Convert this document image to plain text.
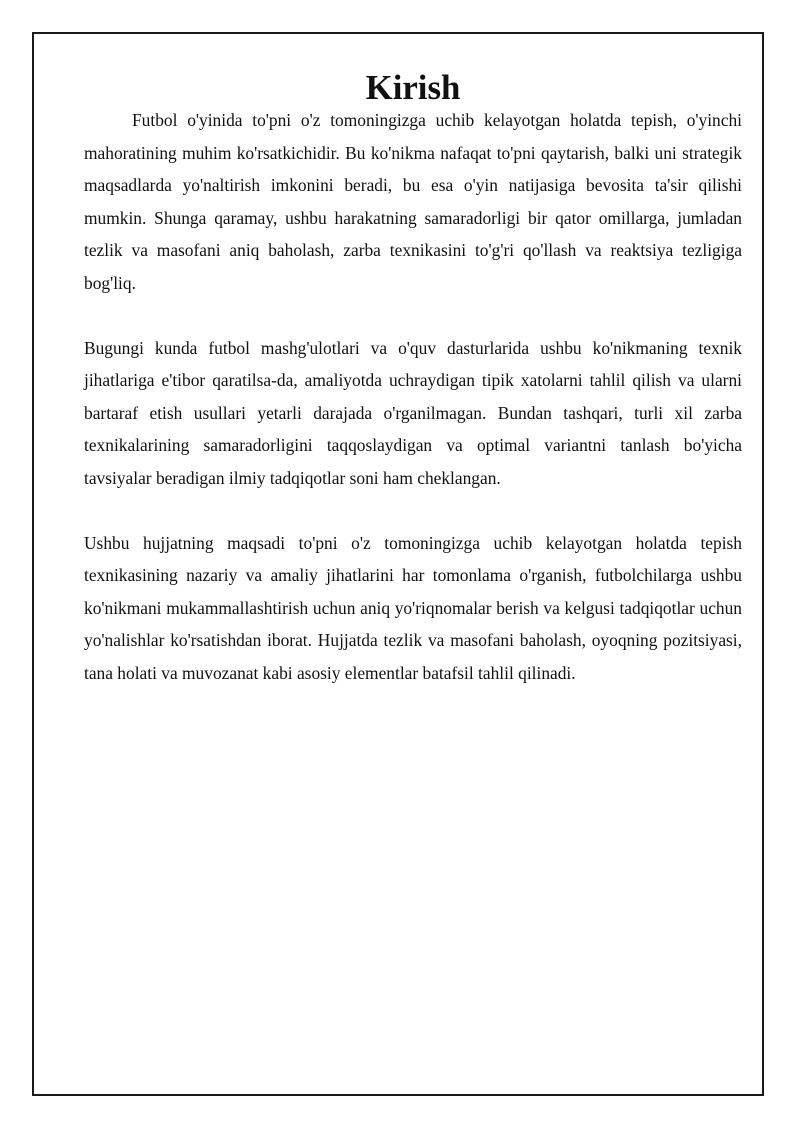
Kirish

Futbol o'yinida to'pni o'z tomoningizga uchib kelayotgan holatda tepish, o'yinchi mahoratining muhim ko'rsatkichidir. Bu ko'nikma nafaqat to'pni qaytarish, balki uni strategik maqsadlarda yo'naltirish imkonini beradi, bu esa o'yin natijasiga bevosita ta'sir qilishi mumkin. Shunga qaramay, ushbu harakatning samaradorligi bir qator omillarga, jumladan tezlik va masofani aniq baholash, zarba texnikasini to'g'ri qo'llash va reaktsiya tezligiga bog'liq.

Bugungi kunda futbol mashg'ulotlari va o'quv dasturlarida ushbu ko'nikmaning texnik jihatlariga e'tibor qaratilsa-da, amaliyotda uchraydigan tipik xatolarni tahlil qilish va ularni bartaraf etish usullari yetarli darajada o'rganilmagan. Bundan tashqari, turli xil zarba texnikalarining samaradorligini taqqoslaydigan va optimal variantni tanlash bo'yicha tavsiyalar beradigan ilmiy tadqiqotlar soni ham cheklangan.

Ushbu hujjatning maqsadi to'pni o'z tomoningizga uchib kelayotgan holatda tepish texnikasining nazariy va amaliy jihatlarini har tomonlama o'rganish, futbolchilarga ushbu ko'nikmani mukammallashtirish uchun aniq yo'riqnomalar berish va kelgusi tadqiqotlar uchun yo'nalishlar ko'rsatishdan iborat. Hujjatda tezlik va masofani baholash, oyoqning pozitsiyasi, tana holati va muvozanat kabi asosiy elementlar batafsil tahlil qilinadi.
